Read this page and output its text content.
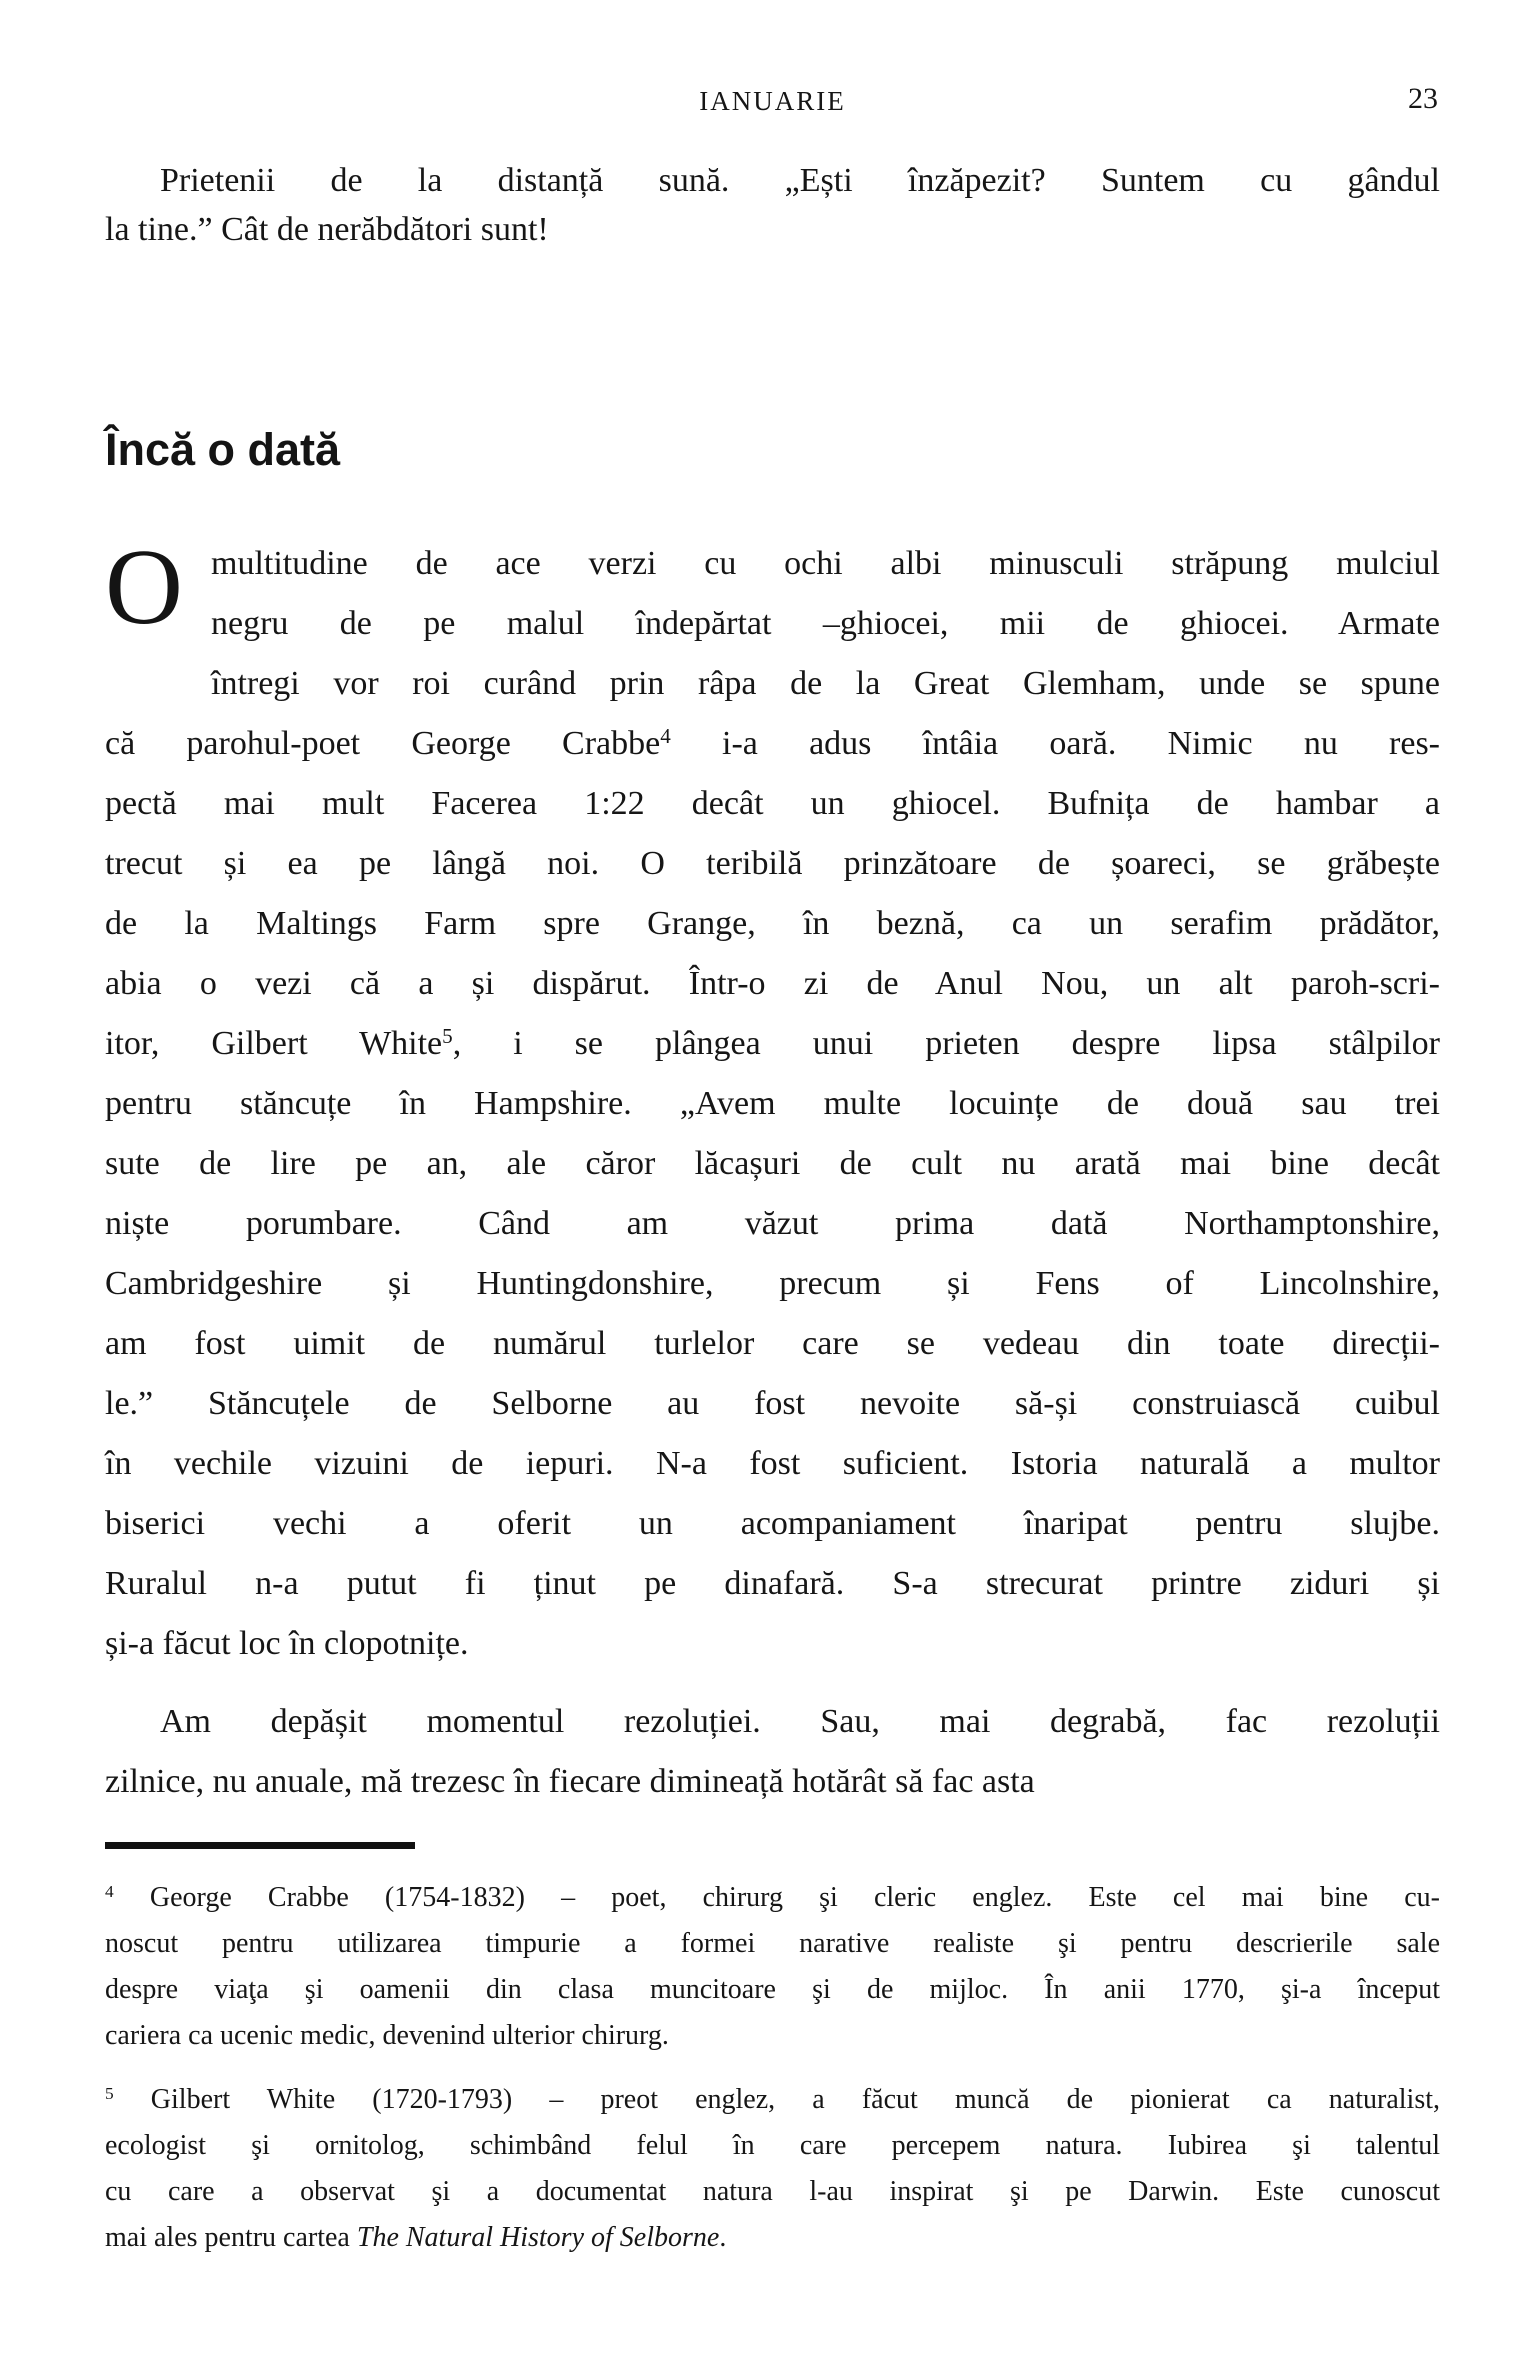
IANUARIE	23
Prietenii de la distanță sună. „Ești înzăpezit? Suntem cu gândul
la tine.” Cât de nerăbdători sunt!
Încă o dată
O multitudine de ace verzi cu ochi albi minusculi străpung mulciul
negru de pe malul îndepărtat –ghiocei, mii de ghiocei. Armate
întregi vor roi curând prin râpa de la Great Glemham, unde se spune
că parohul-poet George Crabbe$^4$ i-a adus întâia oară. Nimic nu res-
pectă mai mult Facerea 1:22 decât un ghiocel. Bufnița de hambar a
trecut și ea pe lângă noi. O teribilă prinzătoare de șoareci, se grăbește
de la Maltings Farm spre Grange, în beznă, ca un serafim prădător,
abia o vezi că a și dispărut. Într-o zi de Anul Nou, un alt paroh-scri-
itor, Gilbert White$^5$, i se plângea unui prieten despre lipsa stâlpilor
pentru stăncuțe în Hampshire. „Avem multe locuințe de două sau trei
sute de lire pe an, ale căror lăcașuri de cult nu arată mai bine decât
niște porumbare. Când am văzut prima dată Northamptonshire,
Cambridgeshire și Huntingdonshire, precum și Fens of Lincolnshire,
am fost uimit de numărul turlelor care se vedeau din toate direcții-
le.” Stăncuțele de Selborne au fost nevoite să-și construiască cuibul
în vechile vizuini de iepuri. N-a fost suficient. Istoria naturală a multor
biserici vechi a oferit un acompaniament înaripat pentru slujbe.
Ruralul n-a putut fi ținut pe dinafară. S-a strecurat printre ziduri și
și-a făcut loc în clopotnițe.
Am depășit momentul rezoluției. Sau, mai degrabă, fac rezoluții
zilnice, nu anuale, mă trezesc în fiecare dimineață hotărât să fac asta
$^4$ George Crabbe (1754-1832) – poet, chirurg şi cleric englez. Este cel mai bine cu-
noscut pentru utilizarea timpurie a formei narative realiste şi pentru descrierile sale
despre viaţa şi oamenii din clasa muncitoare şi de mijloc. În anii 1770, şi-a început
cariera ca ucenic medic, devenind ulterior chirurg.
$^5$ Gilbert White (1720-1793) – preot englez, a făcut muncă de pionierat ca naturalist,
ecologist şi ornitolog, schimbând felul în care percepem natura. Iubirea şi talentul
cu care a observat şi a documentat natura l-au inspirat şi pe Darwin. Este cunoscut
mai ales pentru cartea The Natural History of Selborne.
